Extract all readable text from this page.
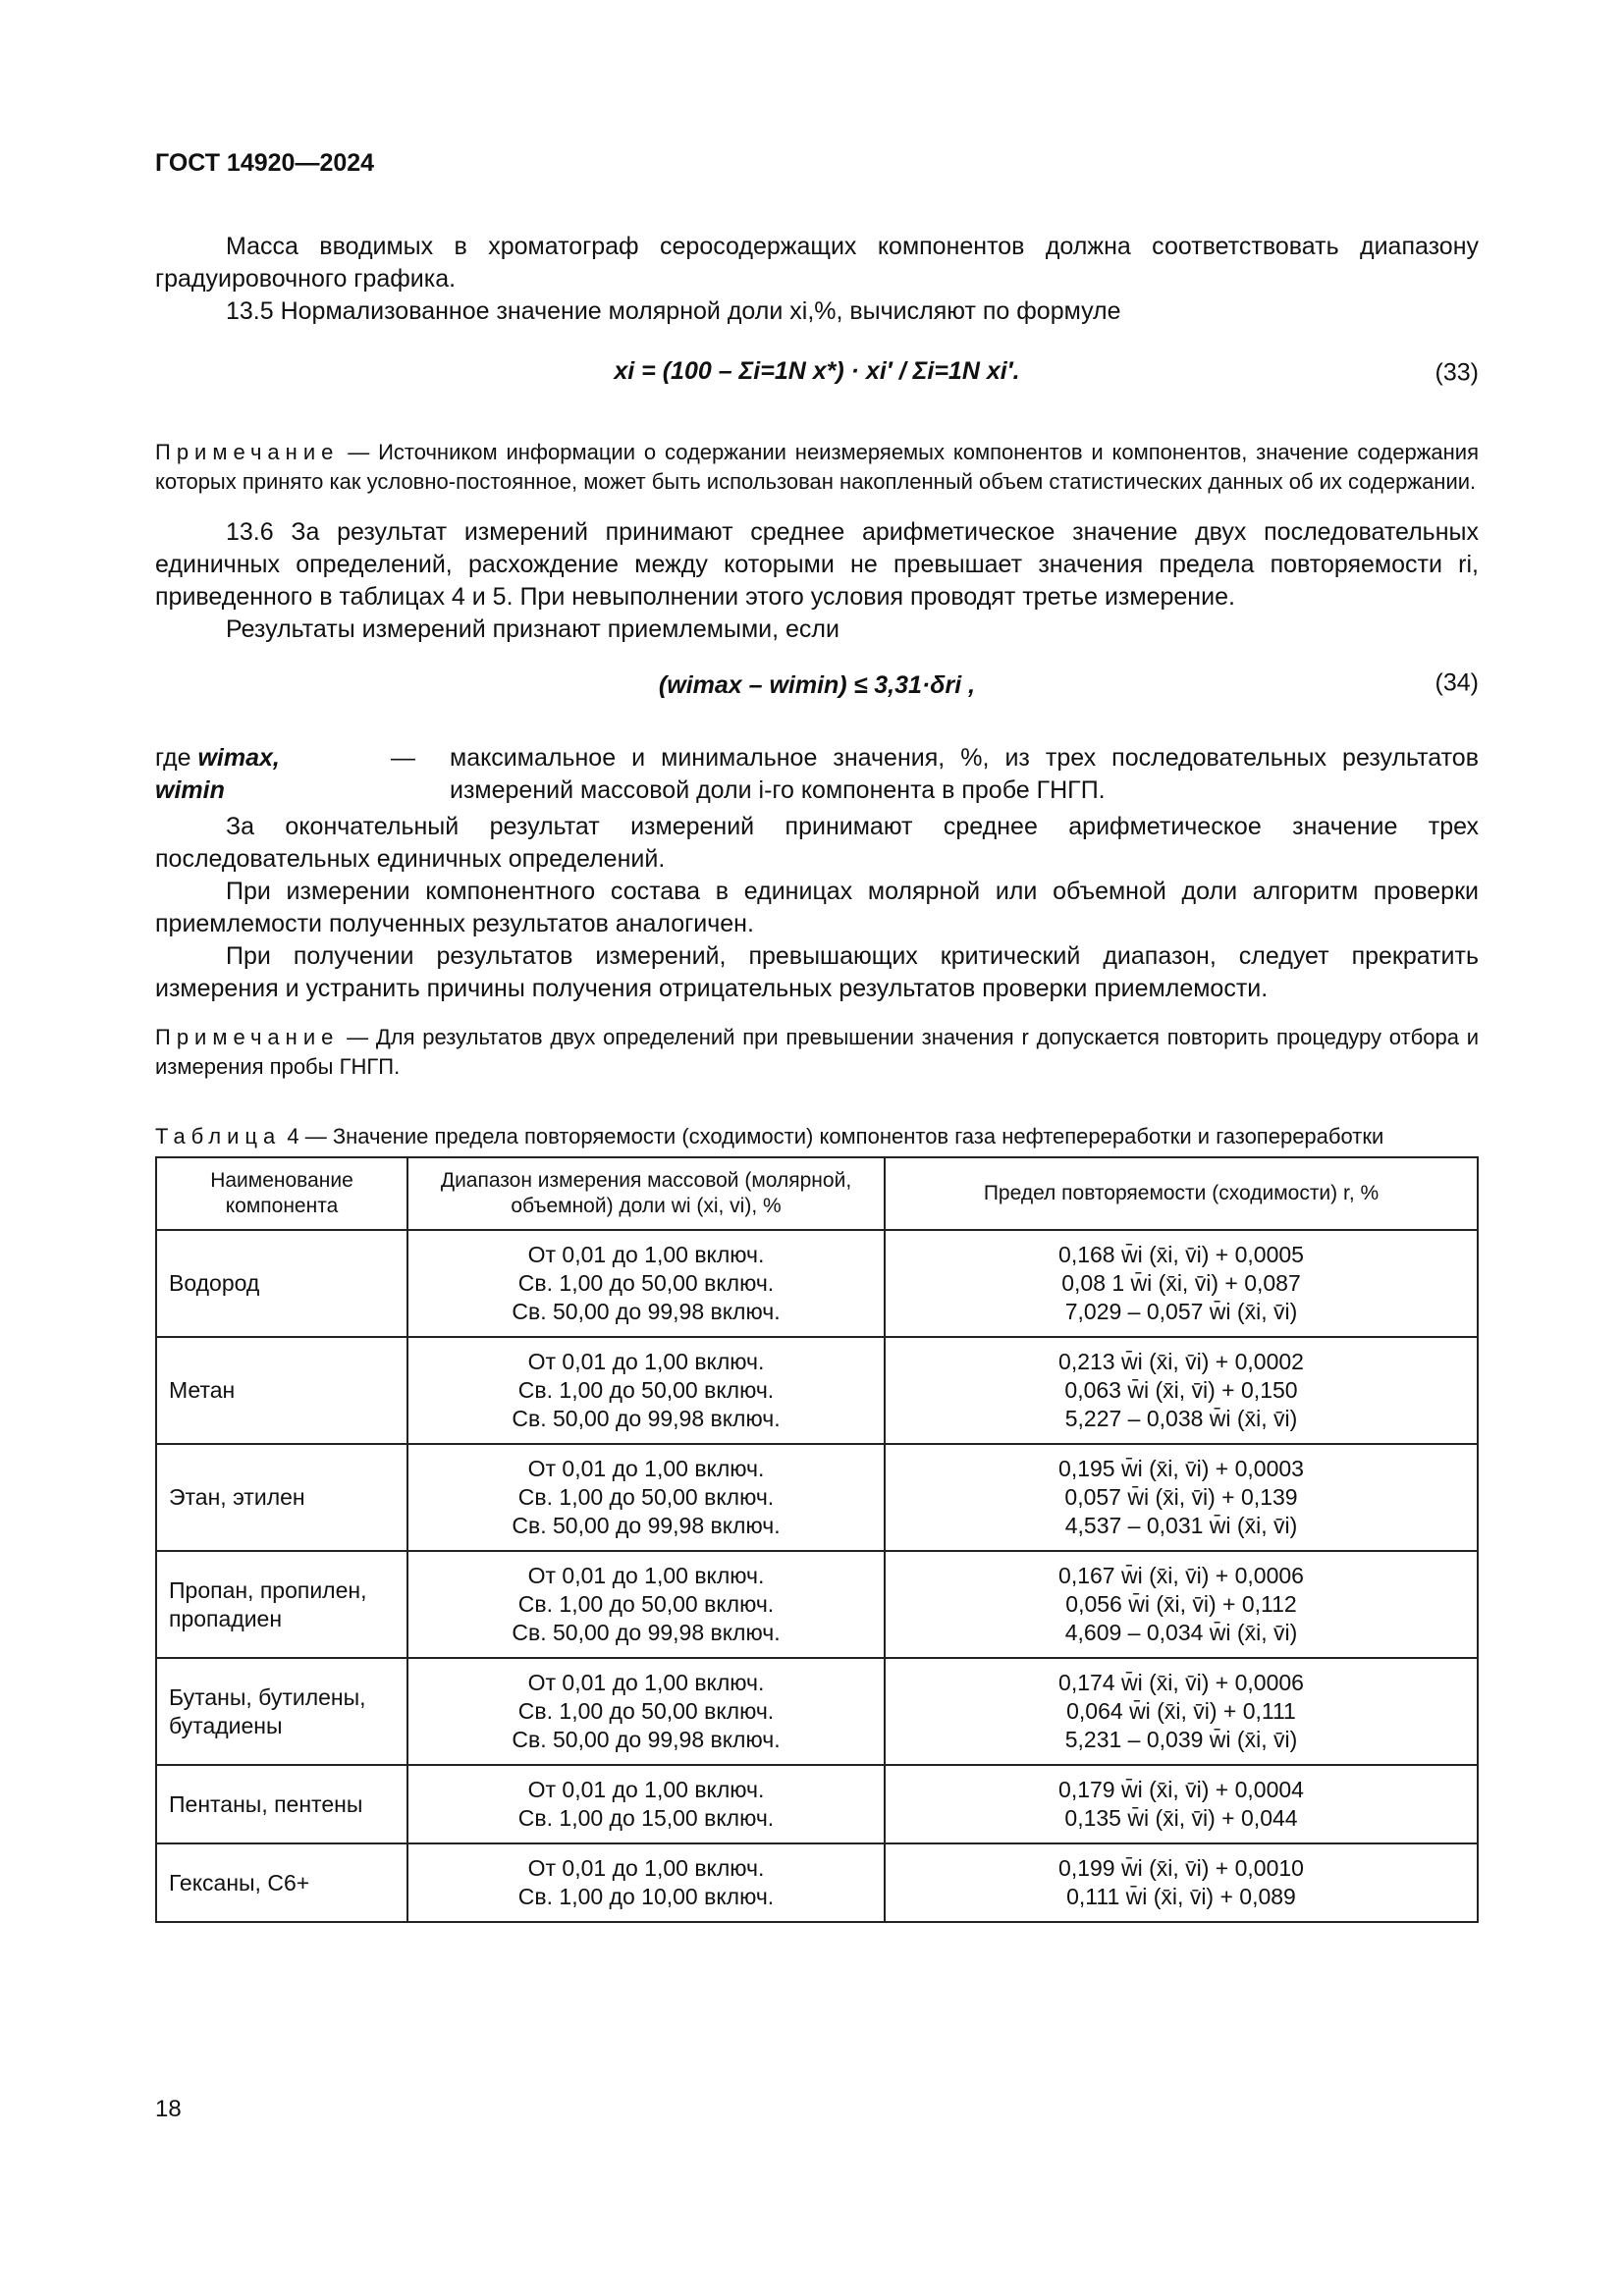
ГОСТ 14920—2024

Масса вводимых в хроматограф серосодержащих компонентов должна соответствовать диапазону градуировочного графика.

13.5 Нормализованное значение молярной доли xi,%, вычисляют по формуле

xi = (100 – Σi=1N x*) · xi′ / Σi=1N xi′.	(33)

Примечание — Источником информации о содержании неизмеряемых компонентов и компонентов, значение содержания которых принято как условно-постоянное, может быть использован накопленный объем статистических данных об их содержании.

13.6 За результат измерений принимают среднее арифметическое значение двух последовательных единичных определений, расхождение между которыми не превышает значения предела повторяемости ri, приведенного в таблицах 4 и 5. При невыполнении этого условия проводят третье измерение.

Результаты измерений признают приемлемыми, если

(wimax – wimin) ≤ 3,31·δri ,	(34)
где wimax, wimin
—	максимальное и минимальное значения, %, из трех последовательных результатов измерений массовой доли i-го компонента в пробе ГНГП.

За окончательный результат измерений принимают среднее арифметическое значение трех последовательных единичных определений.

При измерении компонентного состава в единицах молярной или объемной доли алгоритм проверки приемлемости полученных результатов аналогичен.

При получении результатов измерений, превышающих критический диапазон, следует прекратить измерения и устранить причины получения отрицательных результатов проверки приемлемости.

Примечание — Для результатов двух определений при превышении значения r допускается повторить процедуру отбора и измерения пробы ГНГП.

Таблица 4 — Значение предела повторяемости (сходимости) компонентов газа нефтепереработки и газопереработки
Наименование компонента	Диапазон измерения массовой (молярной, объемной) доли wi (xi, vi), %	Предел повторяемости (сходимости) r, %
Водород	От 0,01 до 1,00 включ.
Св. 1,00 до 50,00 включ.
Св. 50,00 до 99,98 включ.	0,168 w̄i (x̄i, v̄i) + 0,0005
0,08 1 w̄i (x̄i, v̄i) + 0,087
7,029 – 0,057 w̄i (x̄i, v̄i)

Метан	От 0,01 до 1,00 включ.
Св. 1,00 до 50,00 включ.
Св. 50,00 до 99,98 включ.	0,213 w̄i (x̄i, v̄i) + 0,0002
0,063 w̄i (x̄i, v̄i) + 0,150
5,227 – 0,038 w̄i (x̄i, v̄i)

Этан, этилен	От 0,01 до 1,00 включ.
Св. 1,00 до 50,00 включ.
Св. 50,00 до 99,98 включ.	0,195 w̄i (x̄i, v̄i) + 0,0003
0,057 w̄i (x̄i, v̄i) + 0,139
4,537 – 0,031 w̄i (x̄i, v̄i)

Пропан, пропилен, пропадиен	От 0,01 до 1,00 включ.
Св. 1,00 до 50,00 включ.
Св. 50,00 до 99,98 включ.	0,167 w̄i (x̄i, v̄i) + 0,0006
0,056 w̄i (x̄i, v̄i) + 0,112
4,609 – 0,034 w̄i (x̄i, v̄i)

Бутаны, бутилены, бутадиены	От 0,01 до 1,00 включ.
Св. 1,00 до 50,00 включ.
Св. 50,00 до 99,98 включ.	0,174 w̄i (x̄i, v̄i) + 0,0006
0,064 w̄i (x̄i, v̄i) + 0,111
5,231 – 0,039 w̄i (x̄i, v̄i)

Пентаны, пентены	От 0,01 до 1,00 включ.
Св. 1,00 до 15,00 включ.	0,179 w̄i (x̄i, v̄i) + 0,0004
0,135 w̄i (x̄i, v̄i) + 0,044

Гексаны, C6+	От 0,01 до 1,00 включ.
Св. 1,00 до 10,00 включ.	0,199 w̄i (x̄i, v̄i) + 0,0010
0,111 w̄i (x̄i, v̄i) + 0,089
18
